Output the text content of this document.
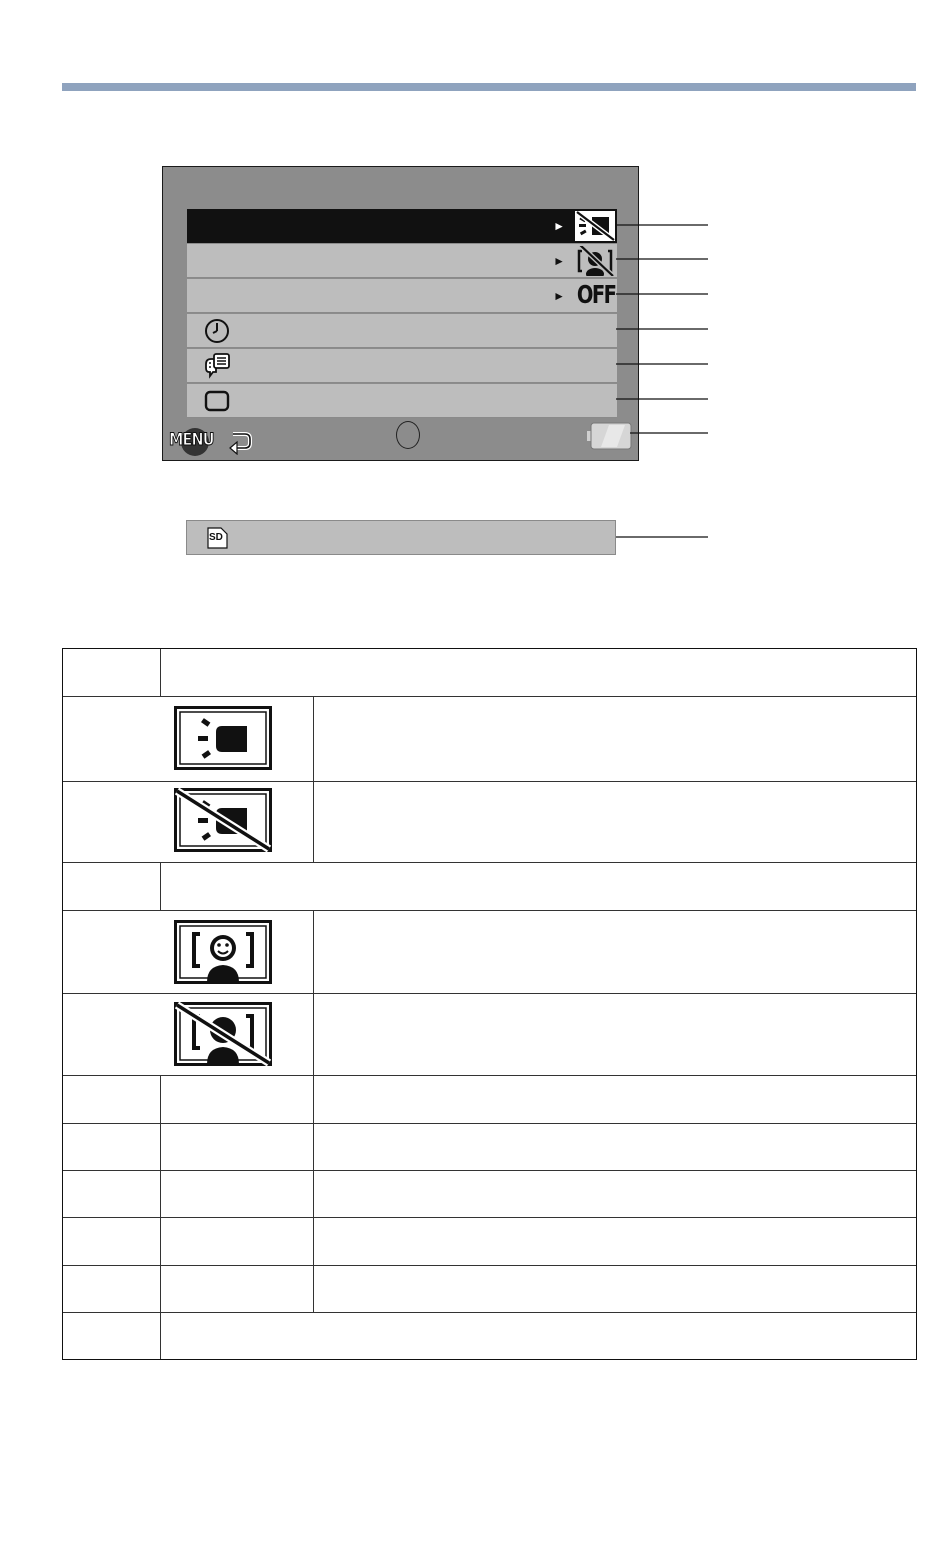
►
►
► OFF
MENU
SD
